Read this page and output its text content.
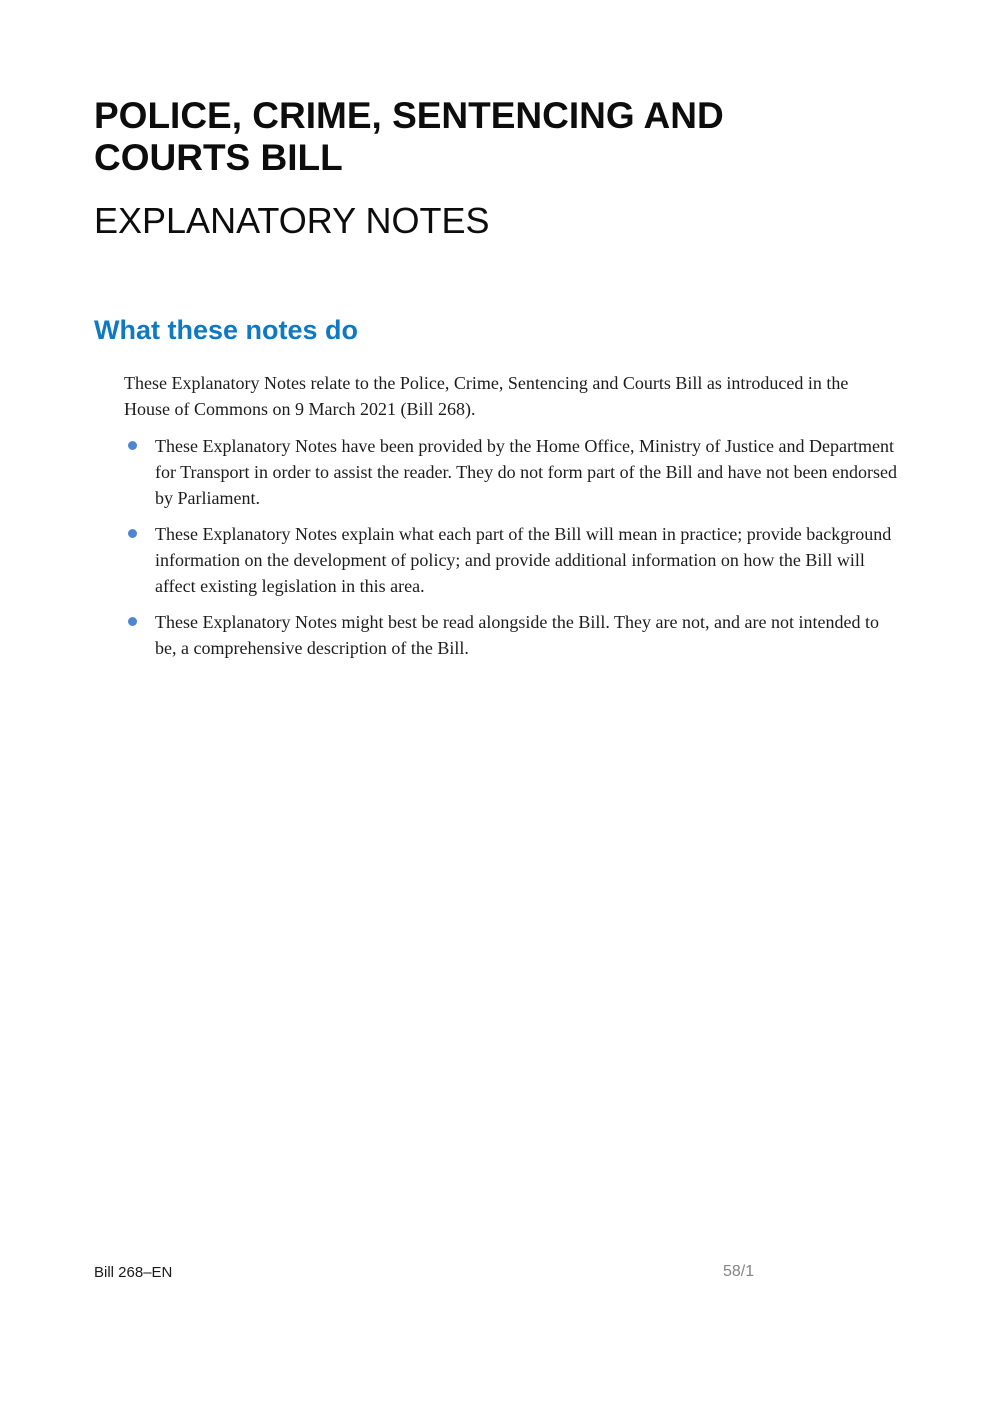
POLICE, CRIME, SENTENCING AND COURTS BILL
EXPLANATORY NOTES
What these notes do

These Explanatory Notes relate to the Police, Crime, Sentencing and Courts Bill as introduced in the House of Commons on 9 March 2021 (Bill 268).

These Explanatory Notes have been provided by the Home Office, Ministry of Justice and Department for Transport in order to assist the reader. They do not form part of the Bill and have not been endorsed by Parliament.
These Explanatory Notes explain what each part of the Bill will mean in practice; provide background information on the development of policy; and provide additional information on how the Bill will affect existing legislation in this area.
These Explanatory Notes might best be read alongside the Bill. They are not, and are not intended to be, a comprehensive description of the Bill.
Bill 268–EN	58/1
